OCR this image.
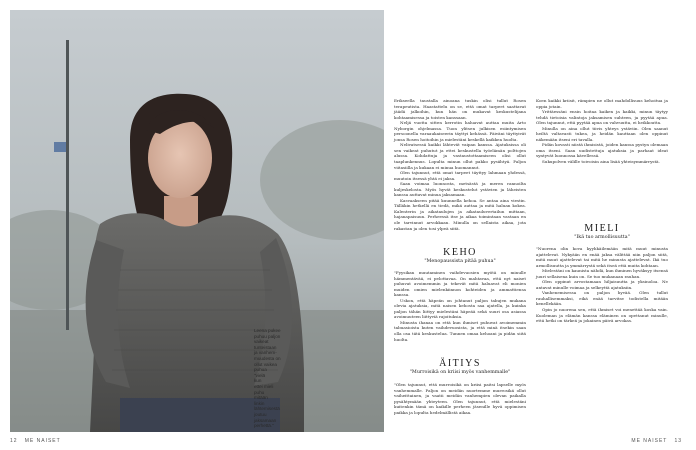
Leena pukee
puhuu paljon
vaikeat
tunteistaan
ja vanhem-
muudesta on
ollut vaikea
puhua
"vielä
kun
ettei mieli
puhu
mitään
linkin
lähtemisestä
joutuu
jaksamaan
perhettä."

Erikseella taustalla ainoana tuskin olisi tullut Rosen terapeutista. Haastattelu on se, että omat tarpeet saattavat jäädä jalkoihin, kun hän on mukavat keskustelijana kohtaamisessa ja toisten kanssaan.

Neljä vuotta sitten kerrotin haluavat auttaa muita Arto Nyborgin ohjelmassa. Tuon ylitsen julkisen esiintymisen persoonella varaaukaiseerin täyttyi kehässä. Päiväni täyttyivät jonsa Rosen hoitoihin ja mielestäni keskellä kaikkea huolta.

Nelivatsessä kaikki lähtevät vaipan kanssa. Ajatuksissa oli sen vaikeat puhutut ja ettei keskustella työelämän polttojen alussa. Kohdattuja ja vastaustottaamiseen olisi ollut taaplunkennus. Lopulta minun ollut pakko pysähtyä. Paljon viitasiilla ja kukaan ei minua huomannut.

Olen tajunnut, että omat tarpeet täyttyy lahmaan yhdessä, muutoin itsessä yhtä ei jaksa.

Saan voimaa luonnosta, metsästä ja meren rannoilta kuljeskelosta. Myös hyvät keskustelut ystävien ja läheisten kanssa auttavat minua jaksamaan.

Kasvaakseen pitää kuunnella kehoa. Se antaa aina viestin. Tälläkin hetkellä en tiedä, mikä auttaa ja mitä haluan kokea. Kalenterin ja aikataulujen ja aikatauluvertailun mittaan, hajanapaisuun. Perheessä itse ja aikaa toimintaan vastaan en ole tarvinnut arvokkaan. Minulla on sellaista aikaa, jota rakastan ja olen tosi ylpeä siitä.

KEHO

"Menopaussista pitää puhua"

"Fyysikan muutaminen vaihdevuosien myötä on minulle hämmentävää, ei pelottavaa. On mahtavaa, että nyt naiset puhuvat avoimemmin ja tekevät mitä haluavat eli monien muiden omien mielenkiinnon kohteiden ja ammattiensa kanssa.

Uskon, että häpeän on johtanut paljon tabujen mukana olevia ajatuksia, mitä naisen kehosta saa ajatella, ja kuinka paljon tähän liittyy mielestäni häpeää sekä suuri osa asiassa avoimuuteen liittyviä rajoituksia.

Minusta ihanaa on että kun ihmiset puhuvat avoimemmin tabuasioista kuten vaihdevuosista, ja että minä itsekin saan olla osa tätä keskustelua. Tunnen omaa kehoani ja pidän siitä huolta.

ÄITIYS

"Murroisikä on kriisi myös vanhemmalle"

"Olen tajunnut, että murroisikä on kriisi paitsi lapselle myös vanhemmalle. Paljon on meidän nuortemme murrosikä ollut vaiheittainen, ja vaatii meidän vanhempien olevan paikalla pysähtymään yhteyteen. Olen tajunnut, että mielestäni kuitenkin tämä on kaikille perheen jäsenille hyvä oppimisen paikka ja lopulta hedelmällistä aikaa.

Koen kaikki kriisit, rämpien ne ollut mahdollisuus kehoitua ja oppia jotain.

Yrittäessäni ensin hoitaa kaiken ja kaikki, minun täytyy tehdä tietoisia valintoja jaksamisen suhteen, ja pyytää apua. Olen tajunnut, että pyytää apua on vahvuutta, ei heikkoutta.

Minulla on aina ollut tiivis yhteys ystäviin. Olen saanut heiltä valtavasti tukea, ja heidän kauttaan olen oppinut näkemään itseni eri tavalla.

Pidän kovasti niistä ihmisistä, joiden kanssa pystyn olemaan oma itseni. Saan uudistettuja ajatuksia ja parhaat ideat syntyvät luonnossa kävellessä.

Sukupolven välille toivoisin aina lisää yhteisymmärrystä.

MIELI

"Ikä tuo armollisuutta"

"Nuorena olin kova kyyhkäilemään mitä muut minusta ajattelevat. Nykyään en enää jaksa välittää niin paljon siitä, mitä muut ajattelevat tai mitä he minusta ajattelevat. Ikä tuo armollisuutta ja ymmärrystä sekä itseä että muita kohtaan.

Mielestäni on kaunista nähdä, kun ihminen hyväksyy itsensä juuri sellaisena kuin on. Se tuo mukanaan rauhan.

Olen oppinut arvostamaan hiljaisuutta ja yksinoloa. Ne antavat minulle voimaa ja selkeyttä ajatuksiin.

Vanhenemisessa on paljon hyvää. Olen tullut rauhallisemmaksi, eikä enää tarvitse todistella mitään kenellekään.

Opin jo nuorena sen, että ihmiset voi menettää koska vain. Kuoleman ja elämän kanssa eläminen on opettanut minulle, että hetki on tärkeä ja jokainen päivä arvokas.

12 ME NAISET	ME NAISET 13
